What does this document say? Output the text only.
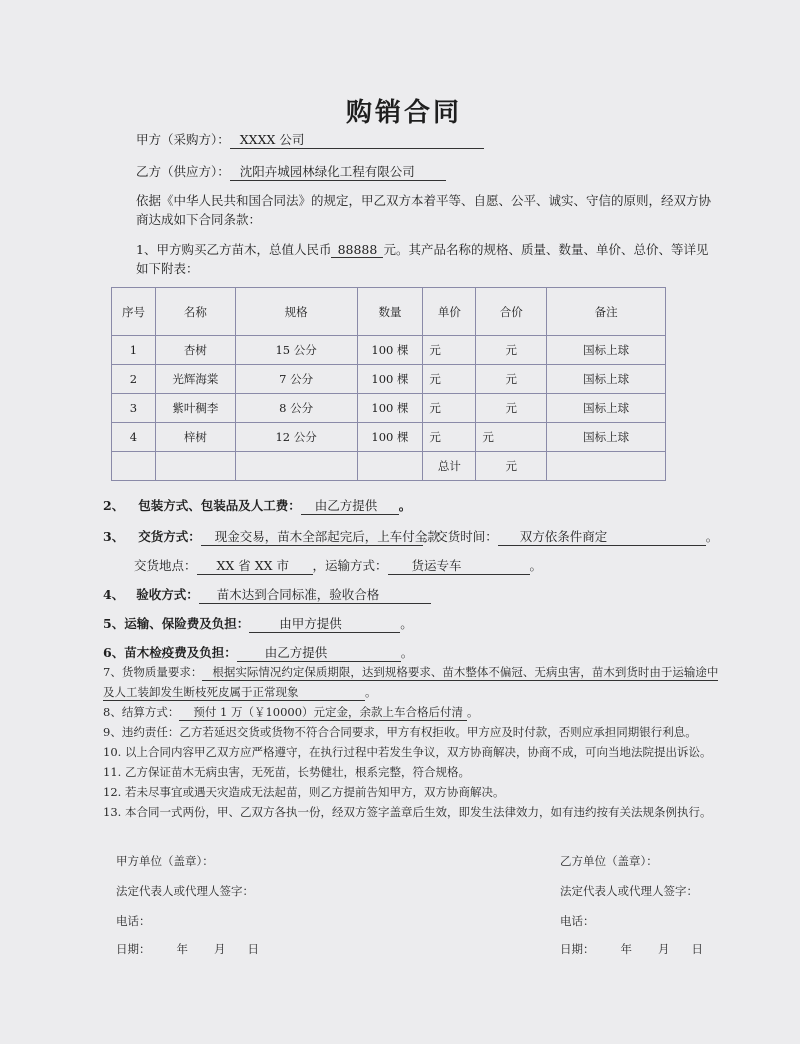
购销合同
甲方（采购方）： XXXX 公司
乙方（供应方）： 沈阳卉城园林绿化工程有限公司
依据《中华人民共和国合同法》的规定，甲乙双方本着平等、自愿、公平、诚实、守信的原则，经双方协
商达成如下合同条款：
1、甲方购买乙方苗木，总值人民币 88888 元。其产品名称的规格、质量、数量、单价、总价、等详见
如下附表：
序号	名称	规格	数量	单价	合价	备注
1	杏树	15 公分	100 棵	元	元	国标上球
2	光辉海棠	7 公分	100 棵	元	元	国标上球
3	紫叶稠李	8 公分	100 棵	元	元	国标上球
4	梓树	12 公分	100 棵	元	元	国标上球
				总计	元	
2、 包装方式、包装品及人工费： 由乙方提供 。
3、 交货方式： 现金交易，苗木全部起完后，上车付全款。交货时间： 双方依条件商定	。
交货地点： XX 省 XX 市 ，运输方式： 货运专车	。
4、 验收方式： 苗木达到合同标准，验收合格
5、运输、保险费及负担： 由甲方提供	。
6、苗木检疫费及负担： 由乙方提供	。
7、货物质量要求： 根据实际情况约定保质期限，达到规格要求、苗木整体不偏冠、无病虫害，苗木到货时由于运输途中
及人工装卸发生断枝死皮属于正常现象	。
8、结算方式： 预付 1 万（￥10000）元定金，余款上车合格后付清 。
9、违约责任：乙方若延迟交货或货物不符合合同要求，甲方有权拒收。甲方应及时付款，否则应承担同期银行利息。
10. 以上合同内容甲乙双方应严格遵守，在执行过程中若发生争议，双方协商解决，协商不成，可向当地法院提出诉讼。
11. 乙方保证苗木无病虫害，无死苗，长势健壮，根系完整，符合规格。
12. 若未尽事宜或遇天灾造成无法起苗，则乙方提前告知甲方，双方协商解决。
13. 本合同一式两份，甲、乙双方各执一份，经双方签字盖章后生效，即发生法律效力，如有违约按有关法规条例执行。
甲方单位（盖章）：
法定代表人或代理人签字：
电话：
日期： 年 月 日
乙方单位（盖章）：
法定代表人或代理人签字：
电话：
日期： 年 月 日
